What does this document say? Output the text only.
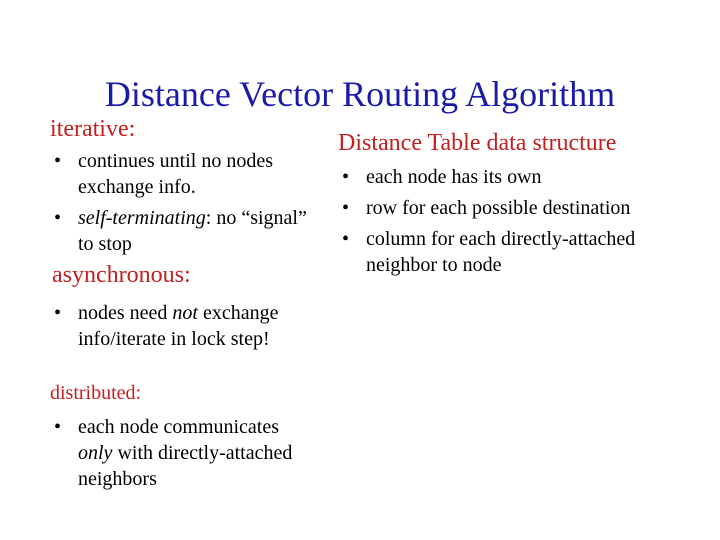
Distance Vector Routing Algorithm
iterative:
• continues until no nodes exchange info.
• self-terminating: no “signal” to stop
asynchronous:
• nodes need not exchange info/iterate in lock step!
distributed:
• each node communicates only with directly-attached neighbors
Distance Table data structure
• each node has its own
• row for each possible destination
• column for each directly-attached neighbor to node
